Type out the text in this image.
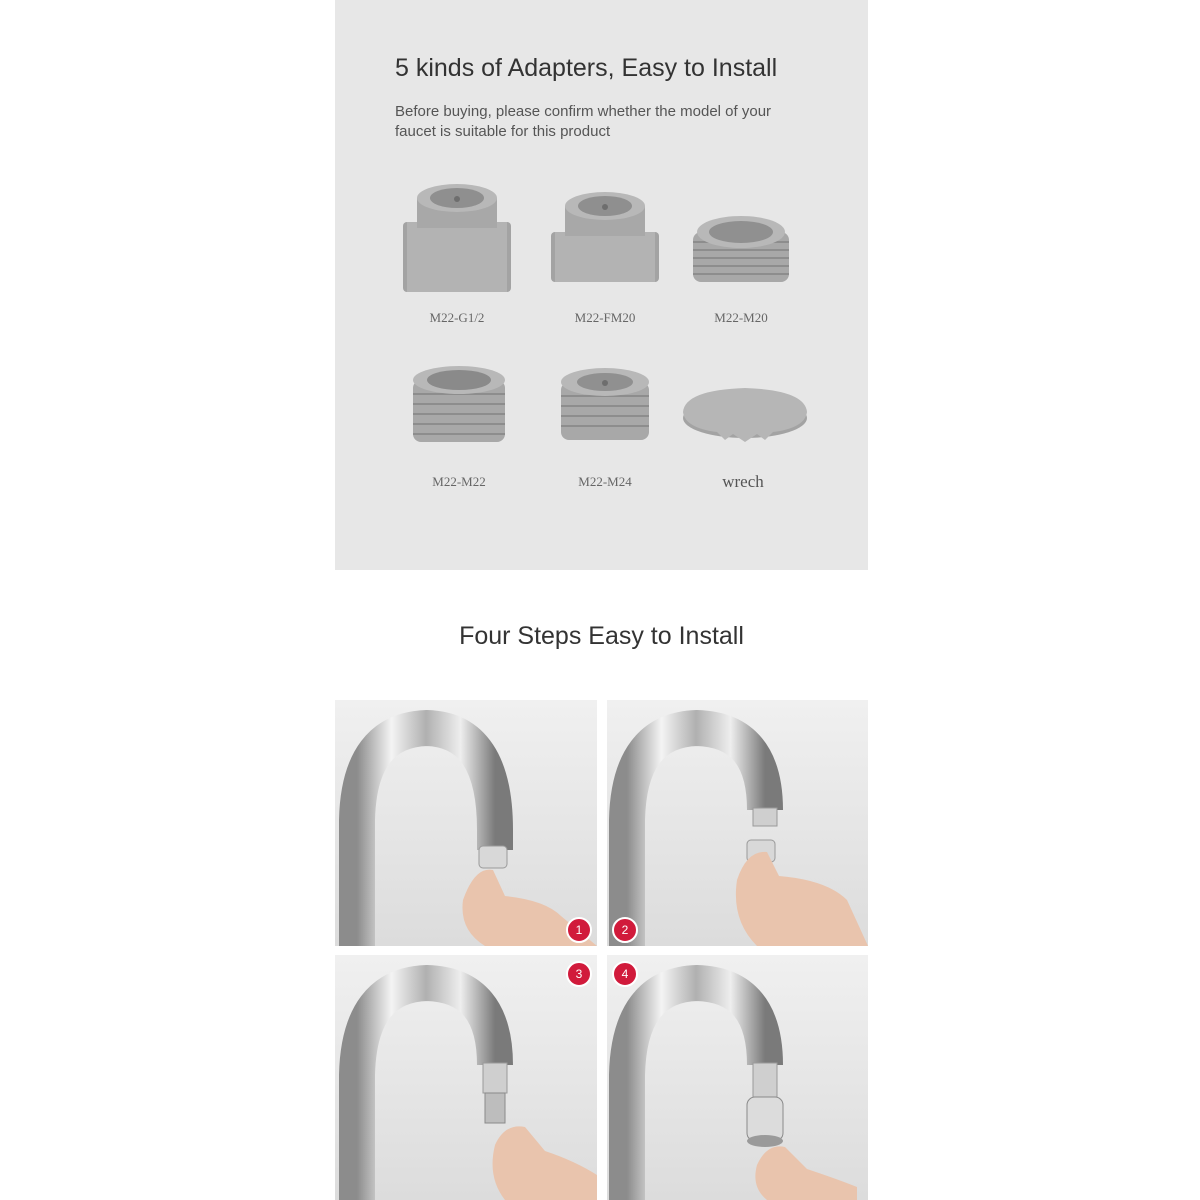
5 kinds of Adapters, Easy to Install

Before buying, please confirm whether the model of your faucet is suitable for this product

M22-G1/2	M22-FM20	M22-M20
M22-M22	M22-M24	wrech
Four Steps Easy to Install
1	2
3	4
